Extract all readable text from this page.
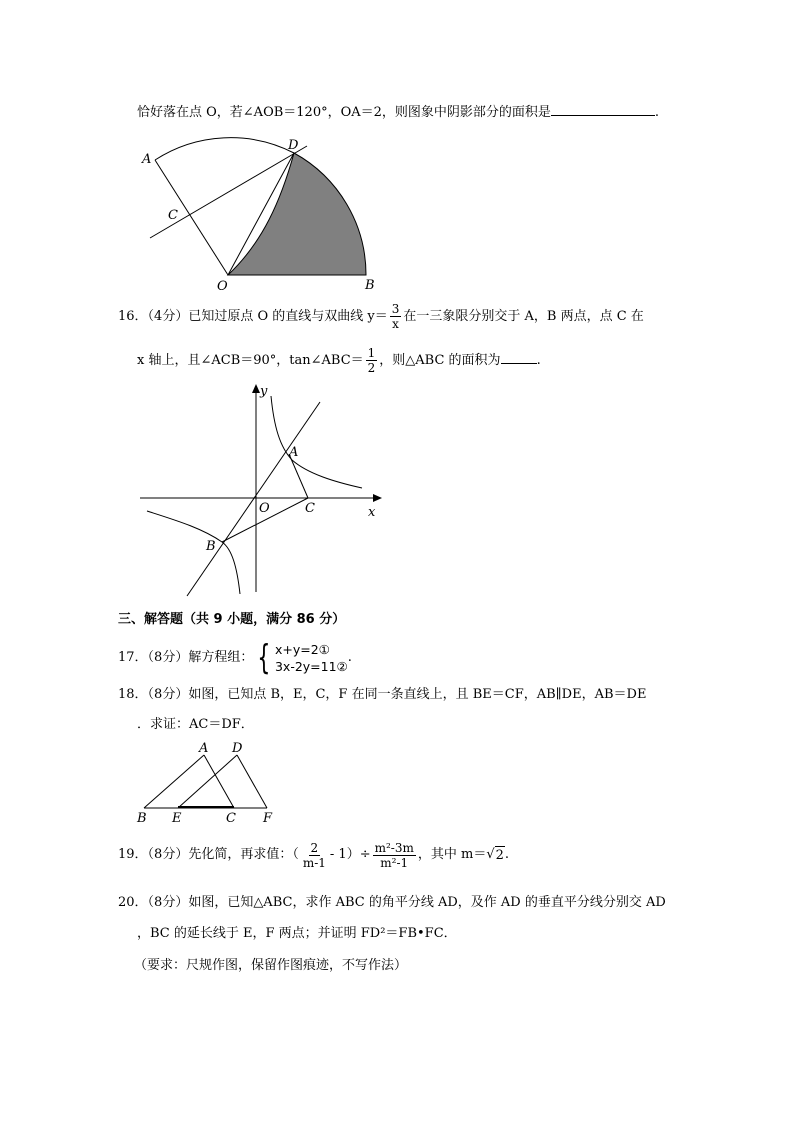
恰好落在点 O，若∠AOB＝120°，OA＝2，则图象中阴影部分的面积是	.
A
C
D
O	B
16．（4分）已知过原点 O 的直线与双曲线 $y= \frac{3}{x}$ 在一三象限分别交于 A，B 两点，点 C 在
x 轴上，且∠ACB＝90°，tan∠ABC＝ $\frac{1}{2}$ ，则△ABC 的面积为	.
y
A
O	C	x
B
三、解答题（共 9 小题，满分 86 分）
17．（8分）解方程组： { x+y=2①
3x-2y=11②
.
18．（8分）如图，已知点 B，E，C，F 在同一条直线上，且 BE＝CF，AB∥DE，AB＝DE
．求证：AC＝DF．
A D
B E	C F
19．（8分）先化简，再求值：（ $\frac{2}{m-1} - 1)\div \frac{\text{m²-3m}}{\text{m²-1}}$ ，其中 m＝ √ 2 .
20．（8分）如图，已知△ABC，求作 ABC 的角平分线 AD，及作 AD 的垂直平分线分别交 AD
，BC 的延长线于 E，F 两点；并证明 FD²＝FB•FC．
（要求：尺规作图，保留作图痕迹，不写作法）
